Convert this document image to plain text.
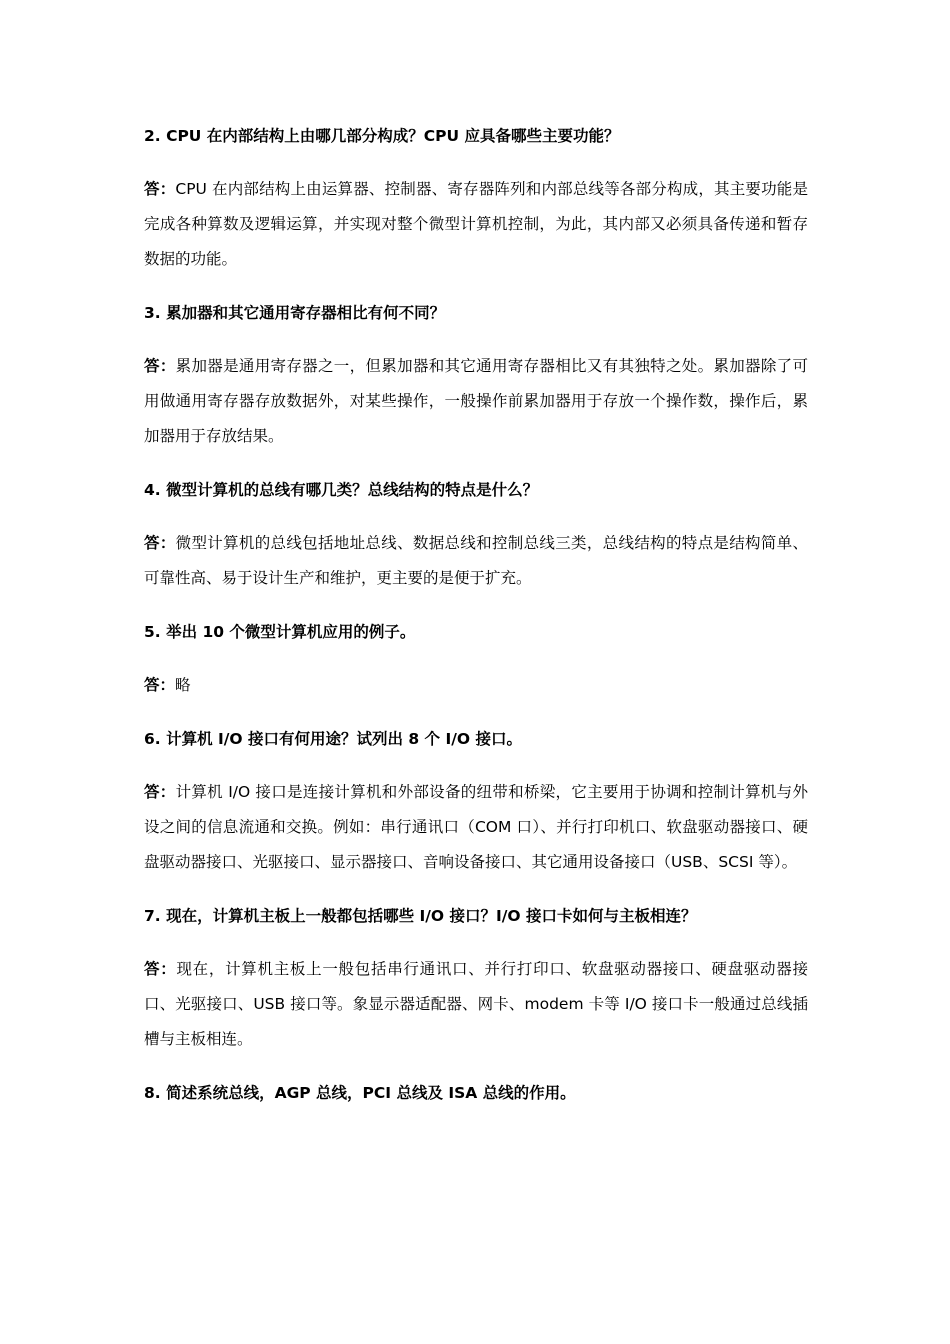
2. CPU 在内部结构上由哪几部分构成？CPU 应具备哪些主要功能？

答：CPU 在内部结构上由运算器、控制器、寄存器阵列和内部总线等各部分构成，其主要功能是完成各种算数及逻辑运算，并实现对整个微型计算机控制，为此，其内部又必须具备传递和暂存数据的功能。

3. 累加器和其它通用寄存器相比有何不同？

答：累加器是通用寄存器之一，但累加器和其它通用寄存器相比又有其独特之处。累加器除了可用做通用寄存器存放数据外，对某些操作，一般操作前累加器用于存放一个操作数，操作后，累加器用于存放结果。

4. 微型计算机的总线有哪几类？总线结构的特点是什么？

答：微型计算机的总线包括地址总线、数据总线和控制总线三类，总线结构的特点是结构简单、可靠性高、易于设计生产和维护，更主要的是便于扩充。

5. 举出 10 个微型计算机应用的例子。

答：略

6. 计算机 I/O 接口有何用途？试列出 8 个 I/O 接口。

答：计算机 I/O 接口是连接计算机和外部设备的纽带和桥梁，它主要用于协调和控制计算机与外设之间的信息流通和交换。例如：串行通讯口（COM 口）、并行打印机口、软盘驱动器接口、硬盘驱动器接口、光驱接口、显示器接口、音响设备接口、其它通用设备接口（USB、SCSI 等）。

7. 现在，计算机主板上一般都包括哪些 I/O 接口？I/O 接口卡如何与主板相连？

答：现在，计算机主板上一般包括串行通讯口、并行打印口、软盘驱动器接口、硬盘驱动器接口、光驱接口、USB 接口等。象显示器适配器、网卡、modem 卡等 I/O 接口卡一般通过总线插槽与主板相连。

8. 简述系统总线，AGP 总线，PCI 总线及 ISA 总线的作用。
